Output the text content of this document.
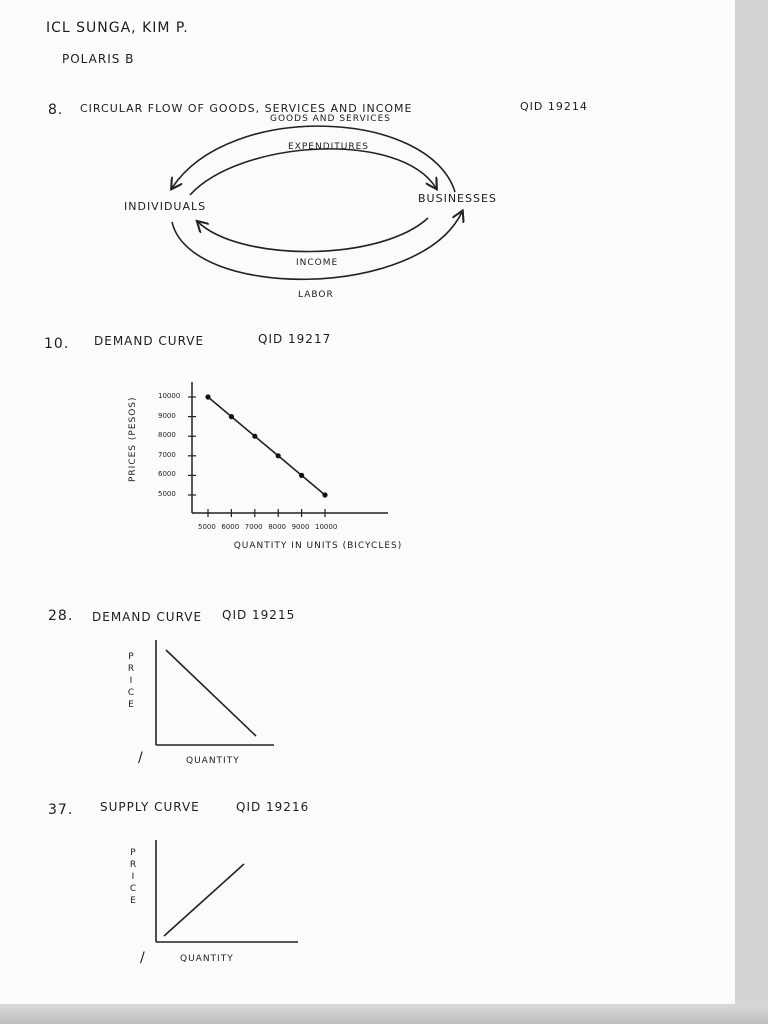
ICL SUNGA, KIM P.
POLARIS B
8. CIRCULAR FLOW OF GOODS, SERVICES AND INCOME	QID 19214
GOODS AND SERVICES
EXPENDITURES
INDIVIDUALS
BUSINESSES
INCOME
LABOR
10. DEMAND CURVE	QID 19217
PRICES (PESOS)
10000
9000
8000
7000
6000
5000
5000 6000 7000 8000 9000 10000
QUANTITY IN UNITS (BICYCLES)
28. DEMAND CURVE QID 19215
PRICE
/	QUANTITY
37. SUPPLY CURVE	QID 19216
PRICE
/	QUANTITY
